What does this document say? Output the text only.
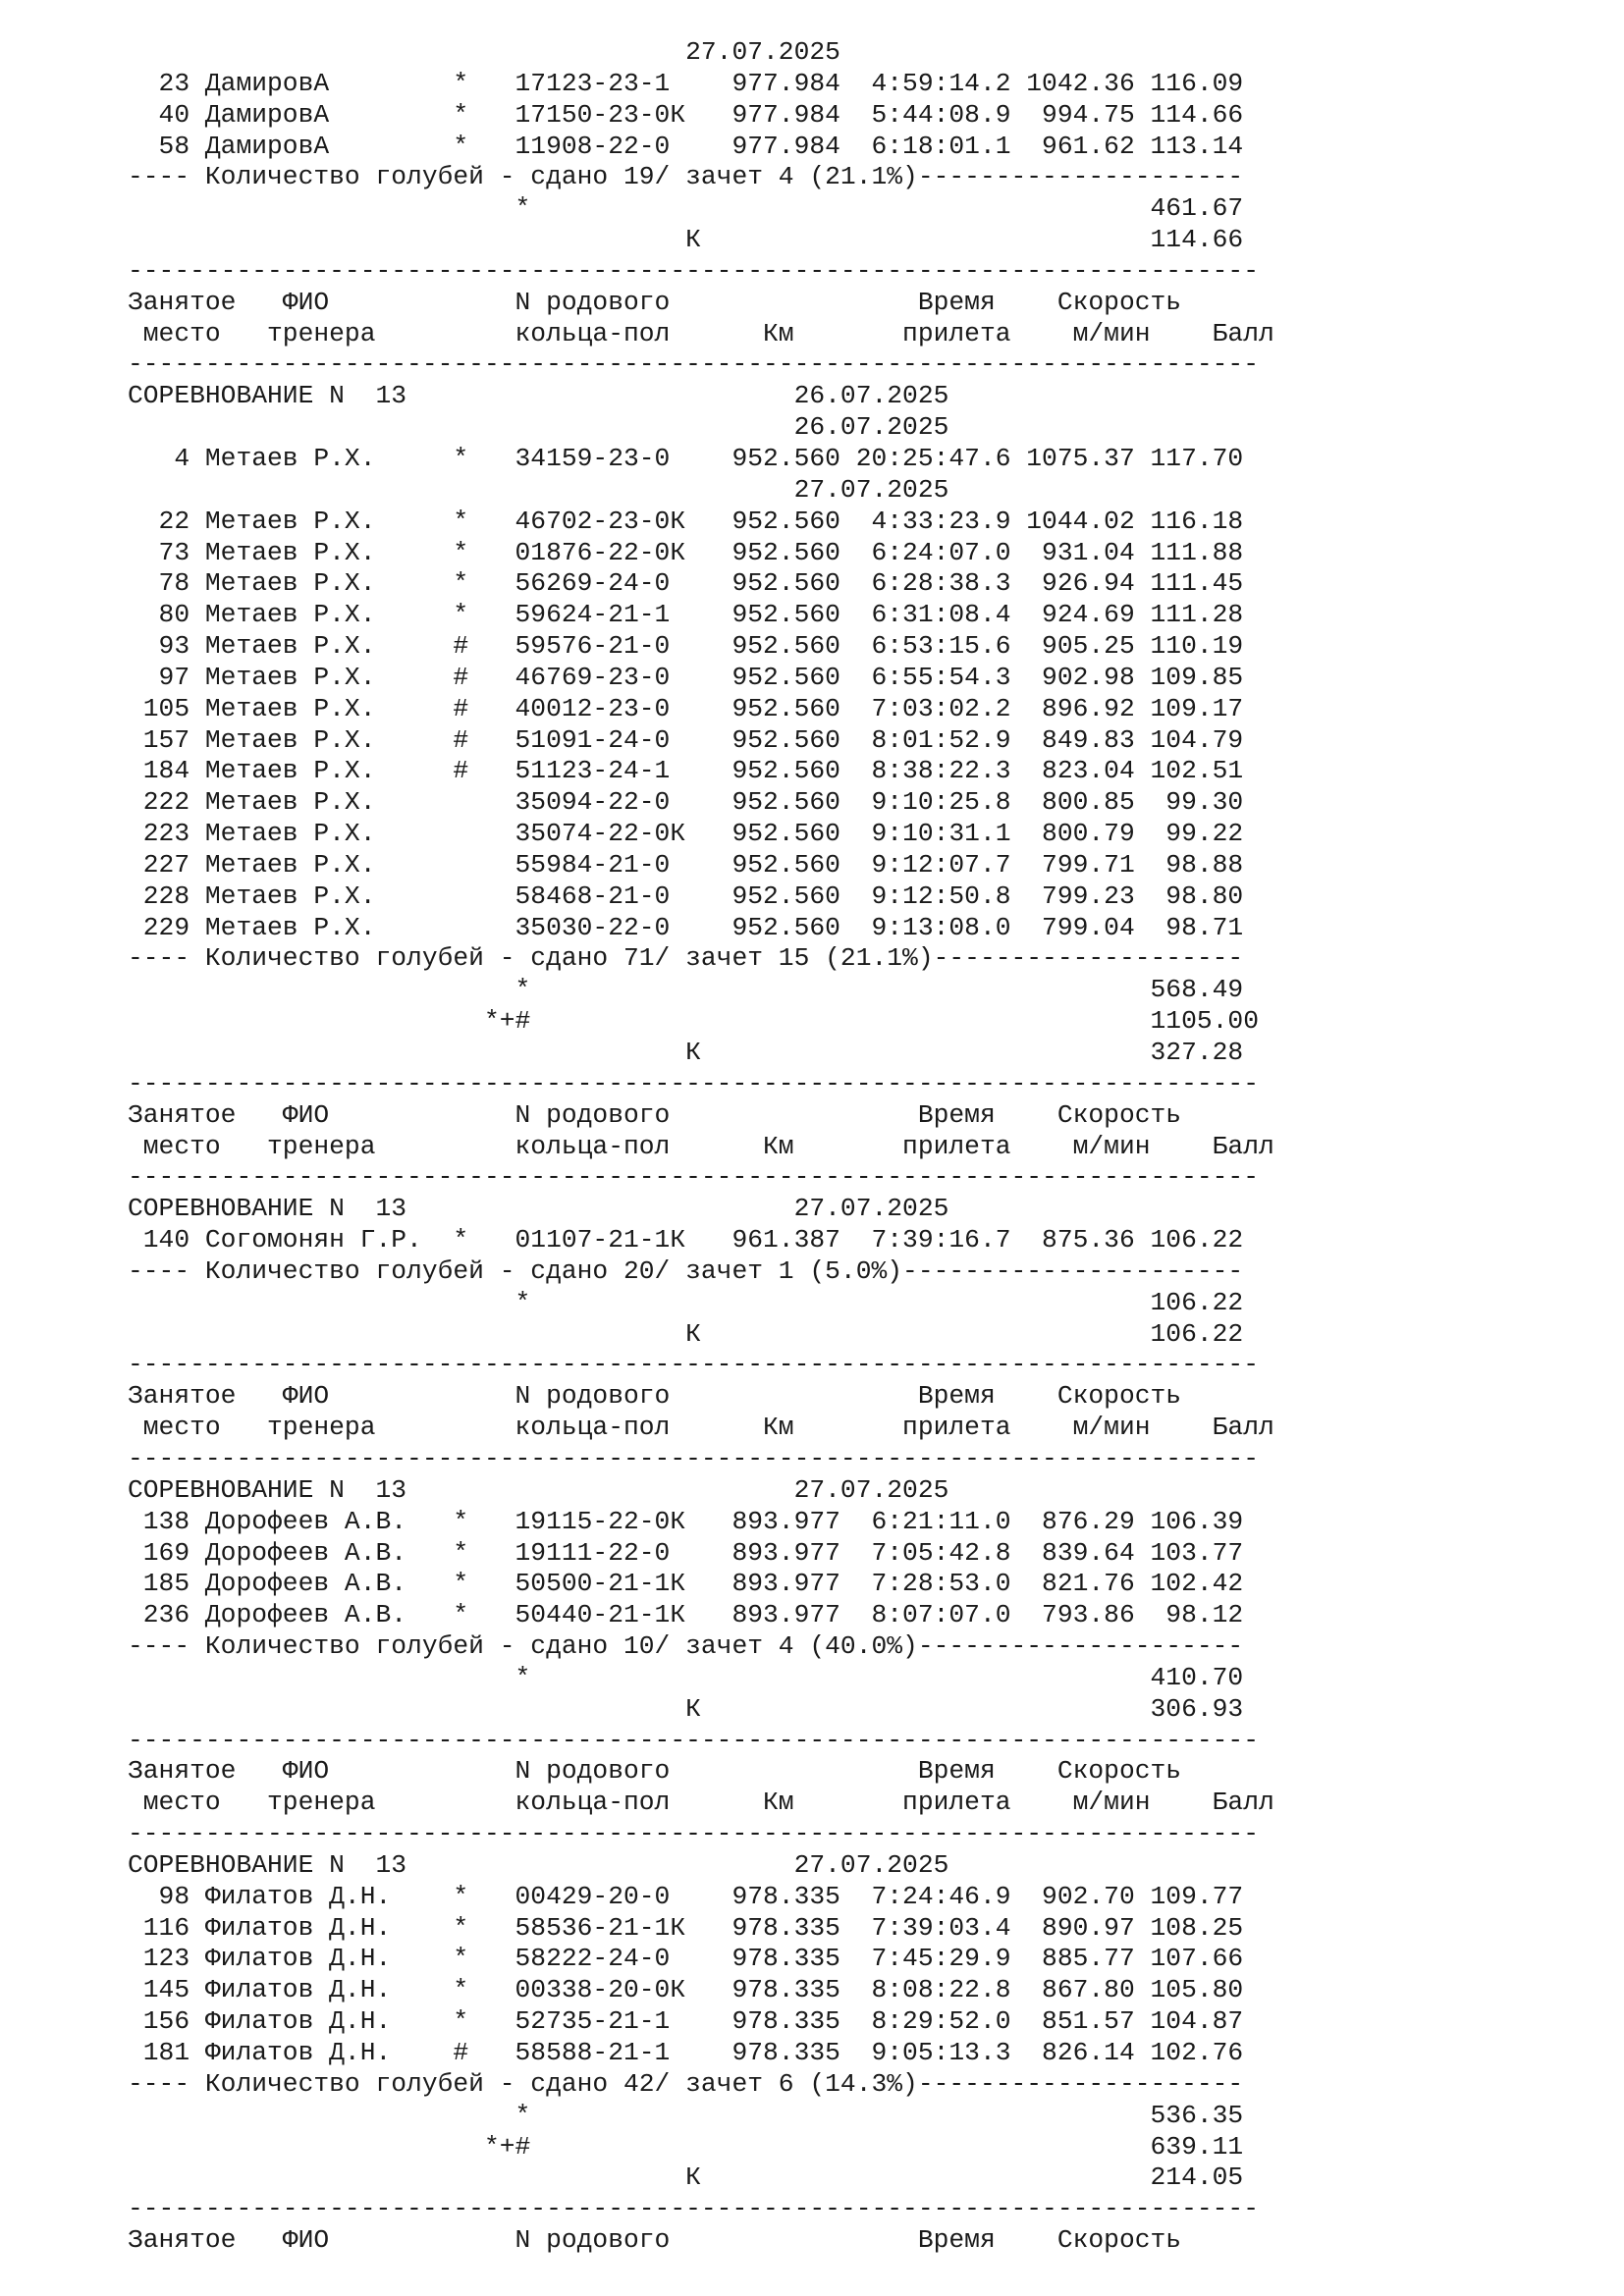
27.07.2025
23 ДамировА        *   17123-23-1    977.984  4:59:14.2 1042.36 116.09
40 ДамировА        *   17150-23-0К   977.984  5:44:08.9  994.75 114.66
58 ДамировА        *   11908-22-0    977.984  6:18:01.1  961.62 113.14
---- Количество голубей - сдано 19/ зачет 4 (21.1%)---------------------
*                                        461.67
К                             114.66
-------------------------------------------------------------------------
Занятое   ФИО            N родового                Время    Скорость
место   тренера         кольца-пол      Км       прилета    м/мин    Балл
-------------------------------------------------------------------------
СОРЕВНОВАНИЕ N  13                         26.07.2025
26.07.2025
4 Метаев Р.Х.     *   34159-23-0    952.560 20:25:47.6 1075.37 117.70
27.07.2025
22 Метаев Р.Х.     *   46702-23-0К   952.560  4:33:23.9 1044.02 116.18
73 Метаев Р.Х.     *   01876-22-0К   952.560  6:24:07.0  931.04 111.88
78 Метаев Р.Х.     *   56269-24-0    952.560  6:28:38.3  926.94 111.45
80 Метаев Р.Х.     *   59624-21-1    952.560  6:31:08.4  924.69 111.28
93 Метаев Р.Х.     #   59576-21-0    952.560  6:53:15.6  905.25 110.19
97 Метаев Р.Х.     #   46769-23-0    952.560  6:55:54.3  902.98 109.85
105 Метаев Р.Х.     #   40012-23-0    952.560  7:03:02.2  896.92 109.17
157 Метаев Р.Х.     #   51091-24-0    952.560  8:01:52.9  849.83 104.79
184 Метаев Р.Х.     #   51123-24-1    952.560  8:38:22.3  823.04 102.51
222 Метаев Р.Х.         35094-22-0    952.560  9:10:25.8  800.85  99.30
223 Метаев Р.Х.         35074-22-0К   952.560  9:10:31.1  800.79  99.22
227 Метаев Р.Х.         55984-21-0    952.560  9:12:07.7  799.71  98.88
228 Метаев Р.Х.         58468-21-0    952.560  9:12:50.8  799.23  98.80
229 Метаев Р.Х.         35030-22-0    952.560  9:13:08.0  799.04  98.71
---- Количество голубей - сдано 71/ зачет 15 (21.1%)--------------------
*                                        568.49
*+#                                        1105.00
К                             327.28
-------------------------------------------------------------------------
Занятое   ФИО            N родового                Время    Скорость
место   тренера         кольца-пол      Км       прилета    м/мин    Балл
-------------------------------------------------------------------------
СОРЕВНОВАНИЕ N  13                         27.07.2025
140 Согомонян Г.Р.  *   01107-21-1К   961.387  7:39:16.7  875.36 106.22
---- Количество голубей - сдано 20/ зачет 1 (5.0%)----------------------
*                                        106.22
К                             106.22
-------------------------------------------------------------------------
Занятое   ФИО            N родового                Время    Скорость
место   тренера         кольца-пол      Км       прилета    м/мин    Балл
-------------------------------------------------------------------------
СОРЕВНОВАНИЕ N  13                         27.07.2025
138 Дорофеев А.В.   *   19115-22-0К   893.977  6:21:11.0  876.29 106.39
169 Дорофеев А.В.   *   19111-22-0    893.977  7:05:42.8  839.64 103.77
185 Дорофеев А.В.   *   50500-21-1К   893.977  7:28:53.0  821.76 102.42
236 Дорофеев А.В.   *   50440-21-1К   893.977  8:07:07.0  793.86  98.12
---- Количество голубей - сдано 10/ зачет 4 (40.0%)---------------------
*                                        410.70
К                             306.93
-------------------------------------------------------------------------
Занятое   ФИО            N родового                Время    Скорость
место   тренера         кольца-пол      Км       прилета    м/мин    Балл
-------------------------------------------------------------------------
СОРЕВНОВАНИЕ N  13                         27.07.2025
98 Филатов Д.Н.    *   00429-20-0    978.335  7:24:46.9  902.70 109.77
116 Филатов Д.Н.    *   58536-21-1К   978.335  7:39:03.4  890.97 108.25
123 Филатов Д.Н.    *   58222-24-0    978.335  7:45:29.9  885.77 107.66
145 Филатов Д.Н.    *   00338-20-0К   978.335  8:08:22.8  867.80 105.80
156 Филатов Д.Н.    *   52735-21-1    978.335  8:29:52.0  851.57 104.87
181 Филатов Д.Н.    #   58588-21-1    978.335  9:05:13.3  826.14 102.76
---- Количество голубей - сдано 42/ зачет 6 (14.3%)---------------------
*                                        536.35
*+#                                        639.11
К                             214.05
-------------------------------------------------------------------------
Занятое   ФИО            N родового                Время    Скорость
